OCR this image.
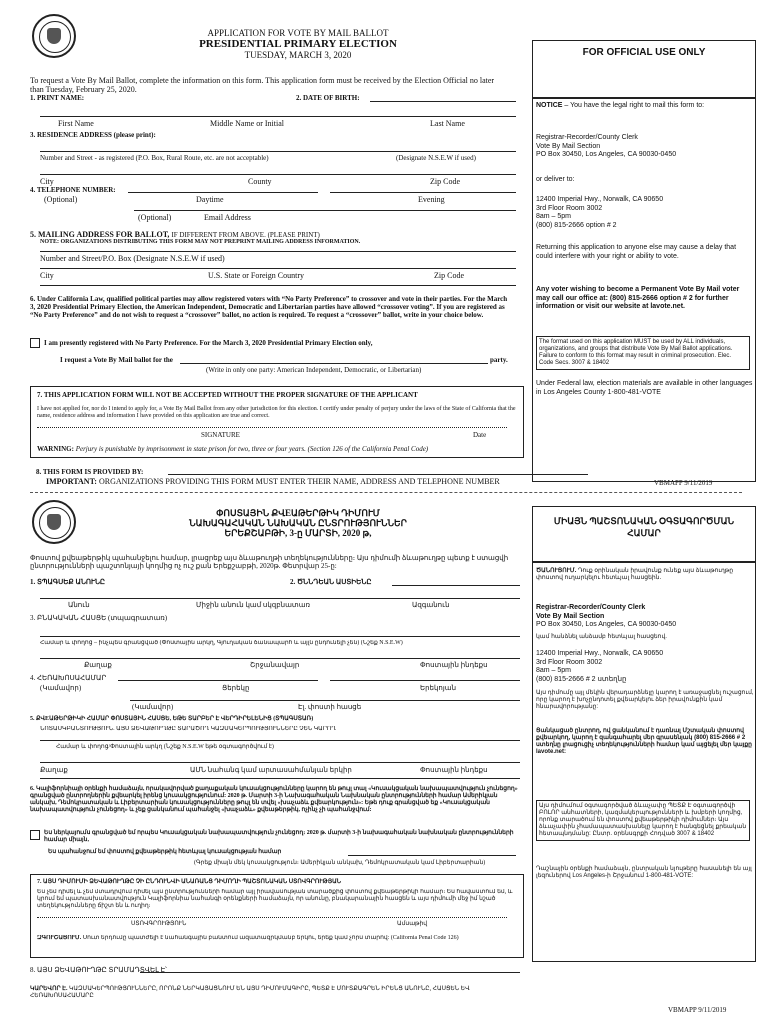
APPLICATION FOR VOTE BY MAIL BALLOT
PRESIDENTIAL PRIMARY ELECTION
TUESDAY, MARCH 3, 2020
To request a Vote By Mail Ballot, complete the information on this form. This application form must be received by the Election Official no later than Tuesday, February 25, 2020.
1. PRINT NAME:	2. DATE OF BIRTH:
First Name	Middle Name or Initial	Last Name
3. RESIDENCE ADDRESS (please print):
Number and Street - as registered (P.O. Box, Rural Route, etc. are not acceptable)	(Designate N.S.E.W if used)
City	County	Zip Code
4. TELEPHONE NUMBER:
(Optional)	Daytime	Evening
(Optional)	Email Address
5. MAILING ADDRESS FOR BALLOT, IF DIFFERENT FROM ABOVE. (PLEASE PRINT)
NOTE: ORGANIZATIONS DISTRIBUTING THIS FORM MAY NOT PREPRINT MAILING ADDRESS INFORMATION.
Number and Street/P.O. Box (Designate N.S.E.W if used)
City	U.S. State or Foreign Country	Zip Code
6. Under California Law, qualified political parties may allow registered voters with “No Party Preference” to crossover and vote in their parties. For the March 3, 2020 Presidential Primary Election, the American Independent, Democratic and Libertarian parties have allowed “crossover voting”. If you are registered as “No Party Preference” and do not wish to request a “crossover” ballot, no action is required. To request a “crossover” ballot, write in your choice below.
I am presently registered with No Party Preference. For the March 3, 2020 Presidential Primary Election only,
I request a Vote By Mail ballot for the	party.
(Write in only one party: American Independent, Democratic, or Libertarian)
7. THIS APPLICATION FORM WILL NOT BE ACCEPTED WITHOUT THE PROPER SIGNATURE OF THE APPLICANT
I have not applied for, nor do I intend to apply for, a Vote By Mail Ballot from any other jurisdiction for this election. I certify under penalty of perjury under the laws of the State of California that the name, residence address and information I have provided on this application are true and correct.
SIGNATURE	Date
WARNING: Perjury is punishable by imprisonment in state prison for two, three or four years. (Section 126 of the California Penal Code)
8. THIS FORM IS PROVIDED BY:
IMPORTANT: ORGANIZATIONS PROVIDING THIS FORM MUST ENTER THEIR NAME, ADDRESS AND TELEPHONE NUMBER	VBMAPP 9/11/2019
FOR OFFICIAL USE ONLY
NOTICE – You have the legal right to mail this form to:
Registrar-Recorder/County Clerk
Vote By Mail Section
PO Box 30450, Los Angeles, CA 90030-0450
or deliver to:
12400 Imperial Hwy., Norwalk, CA 90650
3rd Floor Room 3002
8am – 5pm
(800) 815-2666 option # 2
Returning this application to anyone else may cause a delay that could interfere with your right or ability to vote.
Any voter wishing to become a Permanent Vote By Mail voter may call our office at: (800) 815-2666 option # 2 for further information or visit our website at lavote.net.
The format used on this application MUST be used by ALL individuals, organizations, and groups that distribute Vote By Mail Ballot applications. Failure to conform to this format may result in criminal prosecution. Elec. Code Secs. 3007 & 18402
Under Federal law, election materials are available in other languages in Los Angeles County 1-800-481-VOTE
ՓՈՍՏԱՅԻՆ ՔՎΕԱԹԵՐԹԻԿ ԴԻՄՈՒՄ
ՆԱԽԱԳԱՀԱԿԱՆ ՆԱԽԱԿԱՆ ԸՆՏՐՈՒԹՅՈՒՆՆԵՐ
ԵՐԵՔՇԱԲԹԻ, 3-ը ՄԱՐՏԻ, 2020 թ,
Փոստով քվեաթերթիկ պահանջելու համար, լրացրեք այս ձևաթուղթի տեղեկությունները։ Այս դիմումի ձևաթուղթը պետք է ստացվի ընտրությունների պաշտոնյայի կողմից ոչ ուշ քան Երեքշաբթի, 2020թ. Փետրվար 25-ը:
1. ՏՊԱԳՍԵՔ ԱՆՈՒՆԸ	2. ԾՆՆԴԵԱՆ ԱՍՏԻԵՆԸ
Անուն	Միջին անուն կամ սկզբնատառ	Ազգանուն
3. ԲՆԱԿԱԿԱՆ ՀԱՍՑԵ (տպագրատառ)
Համար և փողոց – ինչպես գրանցված (Փոստային արկղ, Գյուղական ճանապարհ և այլն ընդունելի չեն) (Նշեք N.S.E.W)
Քաղաք	Շրջանավայր	Փոստային ինդեքս
4. ՀԵՌԱԽՈՍԱՀԱՄԱՐ
(Կամավոր)	Ցերեկը	Երեկոյան
(Կամավոր)	Էլ. փոստի հասցե
5. ՔՎΕԱԹԵՐԹԻԿԻ ՀԱՄԱՐ ՓՈՍՏԱՅԻՆ ՀԱՍՑԵ, ԵԹԵ ՏԱՐԲԵՐ Է ՎԵՐԴԻՐԵԼԵՆԻՑ (ՏՊԱԳՍՏԱՌ)
ՆՈՏԱՍԿԲԱՆՏՈՒԹՅՈՒՆ. ԱՅՍ ՁԵՎԱԹՈՒՂԹԸ ՏԱՐԱԾՈՂ ԿԱԶՄԱԿԵՐՊՈՒԹՅՈՒՆՆԵՐԸ ՉԵՆ ԿԱՐՈՂ
Համար և փողոց/Փոստային արկղ (Նշեք N.S.E.W եթե օգտագործվում է)
Քաղաք	ԱՄՆ նահանգ կամ արտասահմանյան երկիր	Փոստային ինդեքս
6. Կալիֆորնիայի օրենքի համաձայն, որակավորված քաղաքական կուսակցությունները կարող են թույլ տալ «Կուսակցական նախապատվություն չունեցող» գրանցված ընտրողներին քվեարկել իրենց կուսակցությունում: 2020 թ. Մարտի 3-ի Նախագահական Նախնական ընտրությունների համար Ամերիկյան անկախ, Դեմոկրատական և Լիբերտարիան կուսակցությունները թույլ են տվել «խաչաձև քվեարկություն»: Եթե դուք գրանցված եք «Կուսակցական նախապատվություն չունեցող» և չեք ցանկանում պահանջել «խաչաձև» քվեաթերթիկ, ոչինչ չի պահանջվում:
Ես ներկայումս գրանցված եմ որպես Կուսակցական նախապատվություն չունեցող։ 2020 թ. մարտի 3-ի նախագահական նախնական ընտրությունների համար միայն,
Ես պահանջում եմ փոստով քվեաթերթիկ հետևյալ կուսակցության համար
(Գրեք միայն մեկ կուսակցություն։ Ամերիկյան անկախ, Դեմոկրատական կամ Լիբերտարիան)
7. ԱՅՍ ԴԻՄՈՒՄԻ ՁԵՎԱԹՈՒՂԹԸ ՉԻ ԸՆԴՈՒՆՎԻ ԱՆԱՌԱՆՑ ԴԻՄՈՂԻ ՊԱՇՏՈՆԱԿԱՆ ՍՏՈՎԳՐՈՒԹՅԱՆ
Ես չեմ դիմել և չեմ մտադրվում դիմել այս ընտրությունների համար այլ իրավասության տարածքից փոստով քվեաթերթիկի համար։ Ես հավաստում եմ, և կրում եմ պատասխանատվություն Կալիֆորնիա նահանգի օրենքների համաձայն, որ անունը, բնակարանային հասցեն և այս դիմումի մեջ իմ նշած տեղեկությունները ճիշտ են և ուղիղ։
ՍՏՈՎԳՐՈՒԹՅՈՒՆ	Ամսաթիվ
ԶԳՈՒՇԱՑՈՒՄ. Սուտ երդումը պատժելի է նահանգային բանտում ազատազրկմանբ երկու, երեք կամ չորս տարով: (California Penal Code 126)
8. ԱՅՍ ՁԵՎԱԹՈՒՂԹԸ ՏՐԱՄԱԴՏՎԵԼ Է՝
ԿԱՐԵՎՈՐ Է. ԿԱԶՄԱԿԵՐՊՈՒԹՅՈՒՆՆԵՐԸ, ՈՐՈՆՔ ՆԵՐԿԱՅԱՑՆՈՒՄ ԵՆ ԱՅՍ ԴԻՄՈՒՄԱԳԻՐԸ, ՊԵՏՔ Է ՄՈՒՏՔԱԳՐԵՆ ԻՐԵՆՑ ԱՆՈՒՆԸ, ՀԱՍՑԵՆ ԵՎ ՀԵՌԱԽՈՍԱՀԱՄԱՐԸ
VBMAPP 9/11/2019
ՄԻԱՅՆ ՊԱՇՏՈՆԱԿԱՆ ՕԳՏԱԳՈՐԾՄԱՆ ՀԱՄԱՐ
ԾԱՆՈՒՑՈՒՄ. Դուք օրինական իրավունք ունեք այս ձևաթուղթը փոստով ուղարկելու հետևյալ հասցեին.
Registrar-Recorder/County Clerk
Vote By Mail Section
PO Box 30450, Los Angeles, CA 90030-0450
կամ հանձնել անձամբ հետևյալ հասցեով.
12400 Imperial Hwy., Norwalk, CA 90650
3rd Floor Room 3002
8am – 5pm
(800) 815-2666 # 2 ստեղնը
Այս դիմումը այլ մեկին վերադարձնելը կարող է առաջացնել ուշացում, որը կարող է խոչընդոտել քվեարկելու ձեր իրավունքին կամ հնարավորությանը:
Ցանկացած ընտրող, ով ցանկանում է դառնալ Մշտական փոստով քվեարկող, կարող է զանգահարել մեր գրասենյակ (800) 815-2666 # 2 ստեղնը լրացուցիչ տեղեկությունների համար կամ այցելել մեր կայքը lavote.net:
Այս դիմումում օգտագործված ձևաչափը ՊԵՏՔ Է օգտագործվի ԲՈԼՈՐ անհատների, կազմակերպությունների և խմբերի կողմից, որոնք տարածում են փոստով քվեաթերթիկի դիմումներ։ Այս ձևաչափին չհամապատասխանելը կարող է հանգեցնել քրեական հետապնդմանը: Ընտր. օրենսգրքի Հոդված 3007 & 18402
Դաշնային օրենքի համաձայն, ընտրական նյութերը հասանելի են այլ լեզուներով Los Angeles-ի Շրջանում 1-800-481-VOTE:
